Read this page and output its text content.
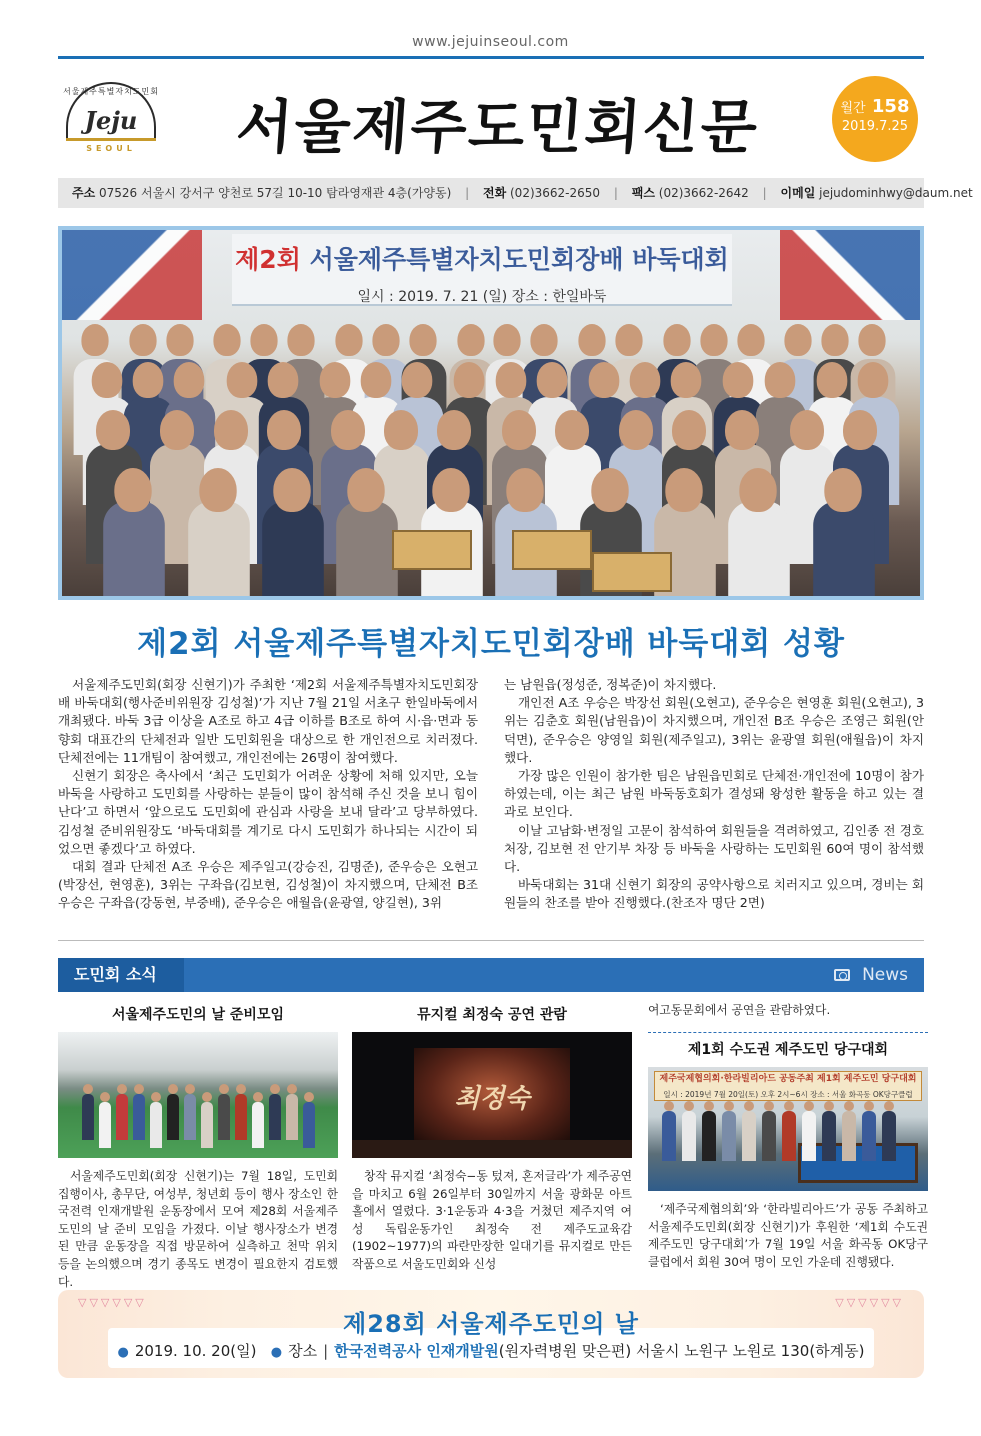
www.jejuinseoul.com
서울제주특별자치도민회
Jeju
SEOUL	서울제주도민회신문	월간 158
2019.7.25
주소 07526 서울시 강서구 양천로 57길 10-10 탐라영재관 4층(가양동) | 전화 (02)3662-2650 | 팩스 (02)3662-2642 | 이메일 jejudominhwy@daum.net
제2회 서울제주특별자치도민회장배 바둑대회
일시 : 2019. 7. 21 (일) 장소 : 한일바둑
제2회 서울제주특별자치도민회장배 바둑대회 성황

서울제주도민회(회장 신현기)가 주최한 ‘제2회 서울제주특별자치도민회장배 바둑대회(행사준비위원장 김성철)’가 지난 7월 21일 서초구 한일바둑에서 개최됐다. 바둑 3급 이상을 A조로 하고 4급 이하를 B조로 하여 시·읍·면과 동향회 대표간의 단체전과 일반 도민회원을 대상으로 한 개인전으로 치러졌다. 단체전에는 11개팀이 참여했고, 개인전에는 26명이 참여했다.

신현기 회장은 축사에서 ‘최근 도민회가 어려운 상황에 처해 있지만, 오늘 바둑을 사랑하고 도민회를 사랑하는 분들이 많이 참석해 주신 것을 보니 힘이 난다’고 하면서 ‘앞으로도 도민회에 관심과 사랑을 보내 달라’고 당부하였다. 김성철 준비위원장도 ‘바둑대회를 계기로 다시 도민회가 하나되는 시간이 되었으면 좋겠다’고 하였다.

대회 결과 단체전 A조 우승은 제주일고(강승진, 김명준), 준우승은 오현고(박장선, 현영훈), 3위는 구좌읍(김보현, 김성철)이 차지했으며, 단체전 B조 우승은 구좌읍(강동현, 부중배), 준우승은 애월읍(윤광열, 양길현), 3위

는 남원읍(정성준, 정복준)이 차지했다.

개인전 A조 우승은 박장선 회원(오현고), 준우승은 현영훈 회원(오현고), 3위는 김춘호 회원(남원읍)이 차지했으며, 개인전 B조 우승은 조영근 회원(안덕면), 준우승은 양영일 회원(제주일고), 3위는 윤광열 회원(애월읍)이 차지했다.

가장 많은 인원이 참가한 팀은 남원읍민회로 단체전·개인전에 10명이 참가하였는데, 이는 최근 남원 바둑동호회가 결성돼 왕성한 활동을 하고 있는 결과로 보인다.

이날 고남화·변정일 고문이 참석하여 회원들을 격려하였고, 김인종 전 경호처장, 김보현 전 안기부 차장 등 바둑을 사랑하는 도민회원 60여 명이 참석했다.

바둑대회는 31대 신현기 회장의 공약사항으로 치러지고 있으며, 경비는 회원들의 찬조를 받아 진행했다.(찬조자 명단 2면)

도민회 소식	News
서울제주도민의 날 준비모임

서울제주도민회(회장 신현기)는 7월 18일, 도민회 집행이사, 총무단, 여성부, 청년회 등이 행사 장소인 한국전력 인재개발원 운동장에서 모여 제28회 서울제주도민의 날 준비 모임을 가졌다. 이날 행사장소가 변경된 만큼 운동장을 직접 방문하여 실측하고 천막 위치 등을 논의했으며 경기 종목도 변경이 필요한지 검토했다.

뮤지컬 최정숙 공연 관람
최정숙

창작 뮤지컬 ‘최정숙−동 텄져, 혼저글라’가 제주공연을 마치고 6월 26일부터 30일까지 서울 광화문 아트홀에서 열렸다. 3·1운동과 4·3을 거쳤던 제주지역 여성 독립운동가인 최정숙 전 제주도교육감(1902~1977)의 파란만장한 일대기를 뮤지컬로 만든 작품으로 서울도민회와 신성

여고동문회에서 공연을 관람하였다.
제1회 수도권 제주도민 당구대회
제주국제협의회·한라빌리아드 공동주최 제1회 제주도민 당구대회
일시 : 2019년 7월 20일(토) 오후 2시~6시 장소 : 서울 화곡동 OK당구클럽

‘제주국제협의회’와 ‘한라빌리아드’가 공동 주최하고 서울제주도민회(회장 신현기)가 후원한 ‘제1회 수도권 제주도민 당구대회’가 7월 19일 서울 화곡동 OK당구클럽에서 회원 30여 명이 모인 가운데 진행됐다.

▽▽▽▽▽▽	▽▽▽▽▽▽
제28회 서울제주도민의 날
● 2019. 10. 20(일) ● 장소 | 한국전력공사 인재개발원(원자력병원 맞은편) 서울시 노원구 노원로 130(하계동)
